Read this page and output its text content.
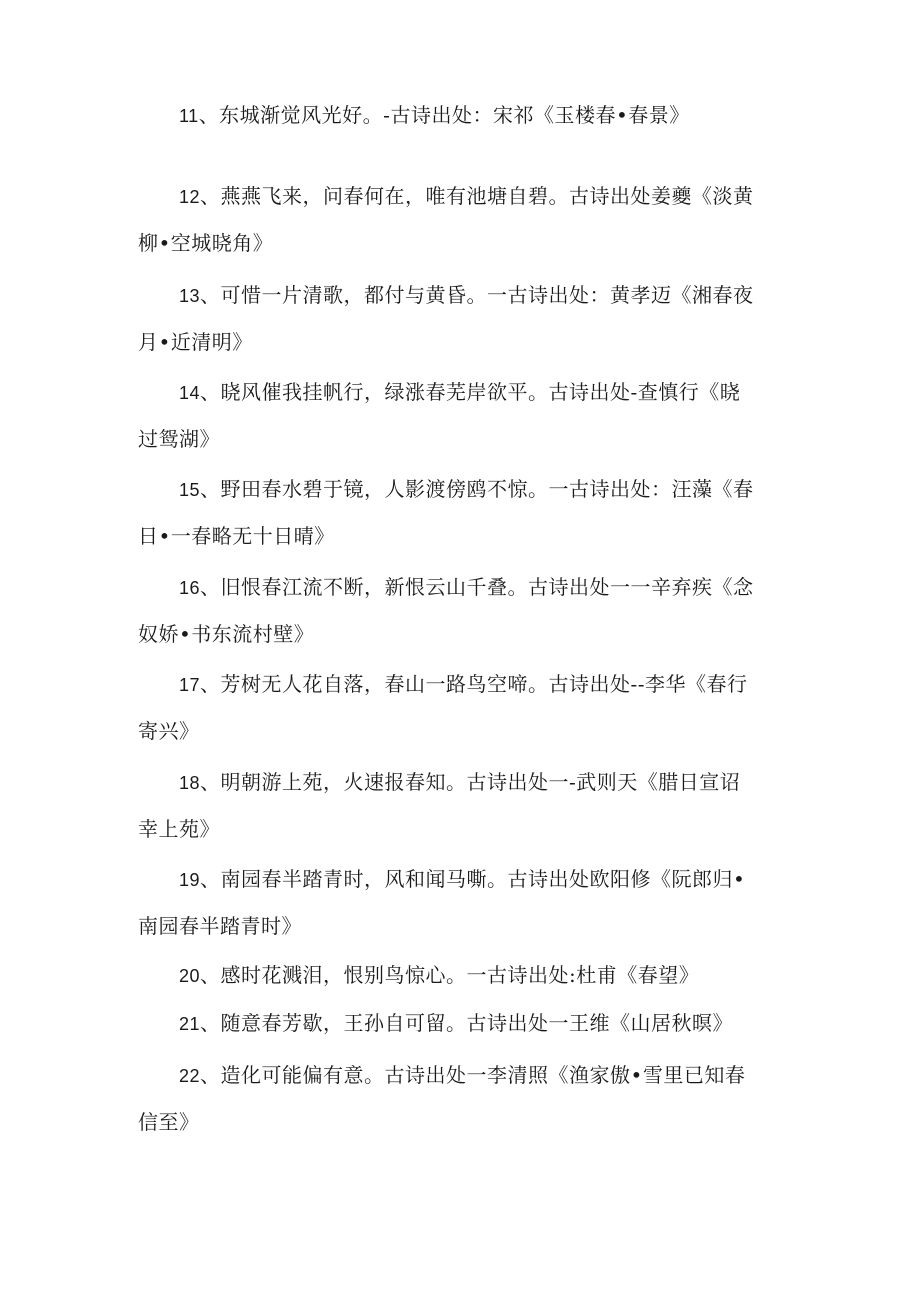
11、东城渐觉风光好。-古诗出处：宋祁《玉楼春•春景》

12、燕燕飞来，问春何在，唯有池塘自碧。古诗出处姜夔《淡黄
柳•空城晓角》

13、可惜一片清歌，都付与黄昏。一古诗出处：黄孝迈《湘春夜
月•近清明》

14、晓风催我挂帆行，绿涨春芜岸欲平。古诗出处-查慎行《晓
过鸳湖》

15、野田春水碧于镜，人影渡傍鸥不惊。一古诗出处：汪藻《春
日•一春略无十日晴》

16、旧恨春江流不断，新恨云山千叠。古诗出处一一辛弃疾《念
奴娇•书东流村壁》

17、芳树无人花自落，春山一路鸟空啼。古诗出处--李华《春行
寄兴》

18、明朝游上苑，火速报春知。古诗出处一-武则天《腊日宣诏
幸上苑》

19、南园春半踏青时，风和闻马嘶。古诗出处欧阳修《阮郎归•
南园春半踏青时》

20、感时花溅泪，恨别鸟惊心。一古诗出处:杜甫《春望》

21、随意春芳歇，王孙自可留。古诗出处一王维《山居秋暝》

22、造化可能偏有意。古诗出处一李清照《渔家傲•雪里已知春
信至》
